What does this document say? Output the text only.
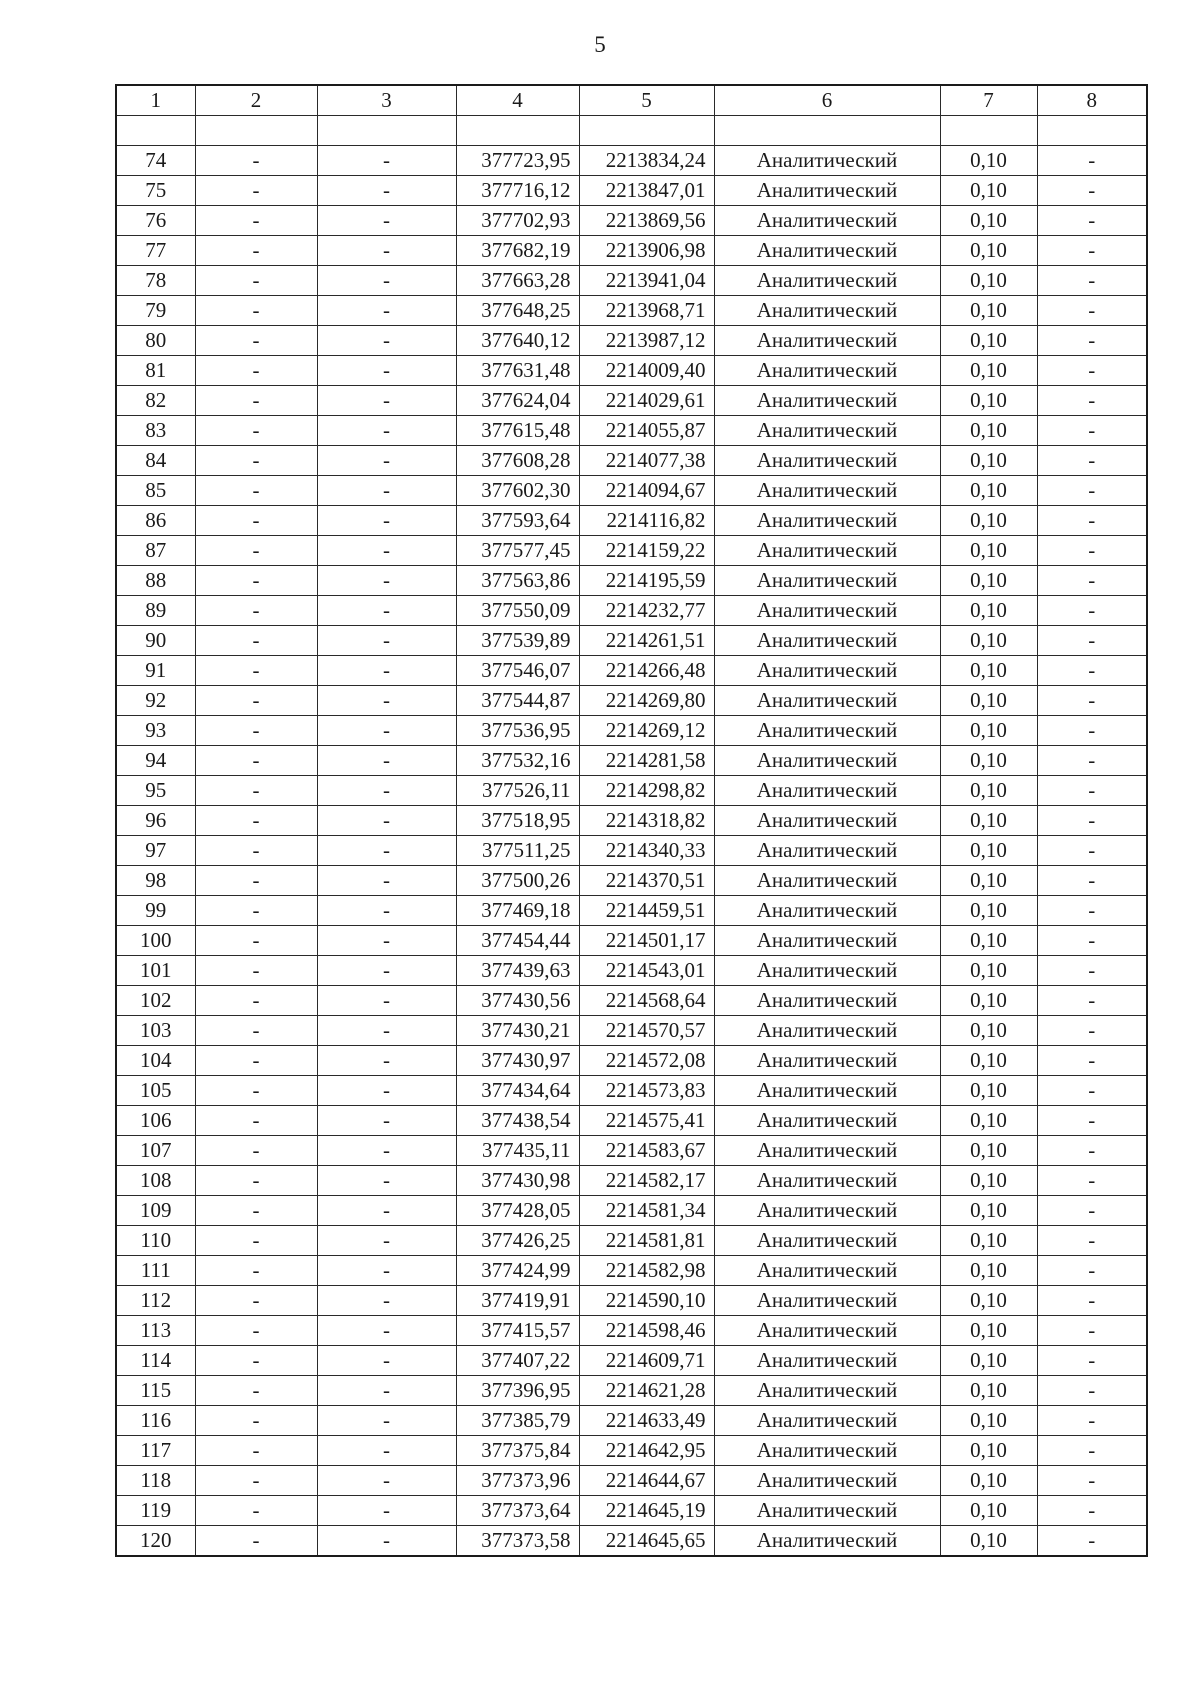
5
1	2	3	4	5	6	7	8

74	-	-	377723,95	2213834,24	Аналитический	0,10	-
75	-	-	377716,12	2213847,01	Аналитический	0,10	-
76	-	-	377702,93	2213869,56	Аналитический	0,10	-
77	-	-	377682,19	2213906,98	Аналитический	0,10	-
78	-	-	377663,28	2213941,04	Аналитический	0,10	-
79	-	-	377648,25	2213968,71	Аналитический	0,10	-
80	-	-	377640,12	2213987,12	Аналитический	0,10	-
81	-	-	377631,48	2214009,40	Аналитический	0,10	-
82	-	-	377624,04	2214029,61	Аналитический	0,10	-
83	-	-	377615,48	2214055,87	Аналитический	0,10	-
84	-	-	377608,28	2214077,38	Аналитический	0,10	-
85	-	-	377602,30	2214094,67	Аналитический	0,10	-
86	-	-	377593,64	2214116,82	Аналитический	0,10	-
87	-	-	377577,45	2214159,22	Аналитический	0,10	-
88	-	-	377563,86	2214195,59	Аналитический	0,10	-
89	-	-	377550,09	2214232,77	Аналитический	0,10	-
90	-	-	377539,89	2214261,51	Аналитический	0,10	-
91	-	-	377546,07	2214266,48	Аналитический	0,10	-
92	-	-	377544,87	2214269,80	Аналитический	0,10	-
93	-	-	377536,95	2214269,12	Аналитический	0,10	-
94	-	-	377532,16	2214281,58	Аналитический	0,10	-
95	-	-	377526,11	2214298,82	Аналитический	0,10	-
96	-	-	377518,95	2214318,82	Аналитический	0,10	-
97	-	-	377511,25	2214340,33	Аналитический	0,10	-
98	-	-	377500,26	2214370,51	Аналитический	0,10	-
99	-	-	377469,18	2214459,51	Аналитический	0,10	-
100	-	-	377454,44	2214501,17	Аналитический	0,10	-
101	-	-	377439,63	2214543,01	Аналитический	0,10	-
102	-	-	377430,56	2214568,64	Аналитический	0,10	-
103	-	-	377430,21	2214570,57	Аналитический	0,10	-
104	-	-	377430,97	2214572,08	Аналитический	0,10	-
105	-	-	377434,64	2214573,83	Аналитический	0,10	-
106	-	-	377438,54	2214575,41	Аналитический	0,10	-
107	-	-	377435,11	2214583,67	Аналитический	0,10	-
108	-	-	377430,98	2214582,17	Аналитический	0,10	-
109	-	-	377428,05	2214581,34	Аналитический	0,10	-
110	-	-	377426,25	2214581,81	Аналитический	0,10	-
111	-	-	377424,99	2214582,98	Аналитический	0,10	-
112	-	-	377419,91	2214590,10	Аналитический	0,10	-
113	-	-	377415,57	2214598,46	Аналитический	0,10	-
114	-	-	377407,22	2214609,71	Аналитический	0,10	-
115	-	-	377396,95	2214621,28	Аналитический	0,10	-
116	-	-	377385,79	2214633,49	Аналитический	0,10	-
117	-	-	377375,84	2214642,95	Аналитический	0,10	-
118	-	-	377373,96	2214644,67	Аналитический	0,10	-
119	-	-	377373,64	2214645,19	Аналитический	0,10	-
120	-	-	377373,58	2214645,65	Аналитический	0,10	-
